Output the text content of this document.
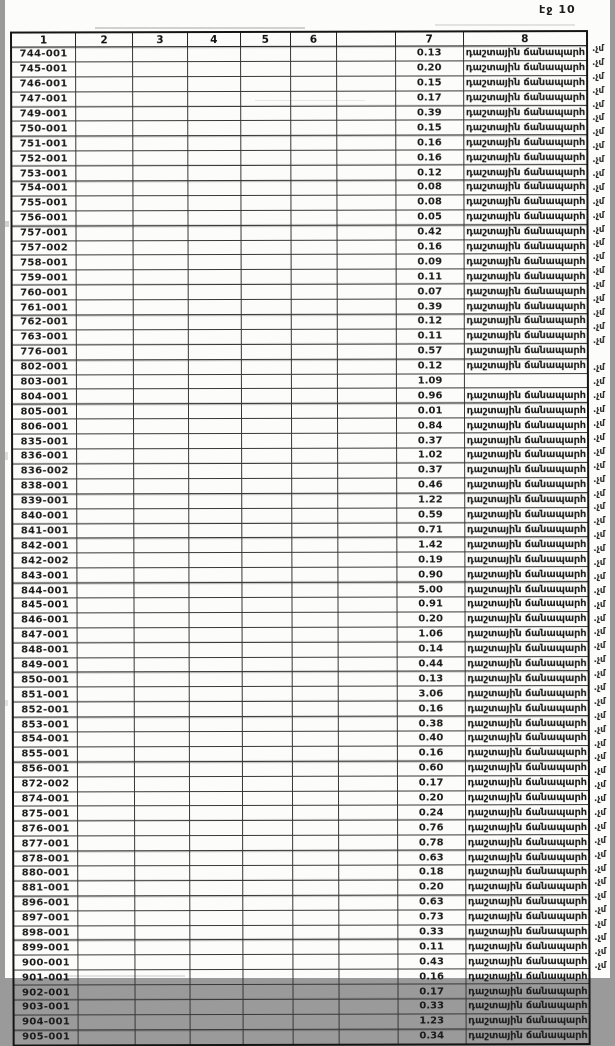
էջ 10
1	2	3	4	5	6		7	8
744-001							0.13	դաշտային ճանապարհ
745-001							0.20	դաշտային ճանապարհ
746-001							0.15	դաշտային ճանապարհ
747-001							0.17	դաշտային ճանապարհ
749-001							0.39	դաշտային ճանապարհ
750-001							0.15	դաշտային ճանապարհ
751-001							0.16	դաշտային ճանապարհ
752-001							0.16	դաշտային ճանապարհ
753-001							0.12	դաշտային ճանապարհ
754-001							0.08	դաշտային ճանապարհ
755-001							0.08	դաշտային ճանապարհ
756-001							0.05	դաշտային ճանապարհ
757-001							0.42	դաշտային ճանապարհ
757-002							0.16	դաշտային ճանապարհ
758-001							0.09	դաշտային ճանապարհ
759-001							0.11	դաշտային ճանապարհ
760-001							0.07	դաշտային ճանապարհ
761-001							0.39	դաշտային ճանապարհ
762-001							0.12	դաշտային ճանապարհ
763-001							0.11	դաշտային ճանապարհ
776-001							0.57	դաշտային ճանապարհ
802-001							0.12	դաշտային ճանապարհ
803-001							1.09	
804-001							0.96	դաշտային ճանապարհ
805-001							0.01	դաշտային ճանապարհ
806-001							0.84	դաշտային ճանապարհ
835-001							0.37	դաշտային ճանապարհ
836-001							1.02	դաշտային ճանապարհ
836-002							0.37	դաշտային ճանապարհ
838-001							0.46	դաշտային ճանապարհ
839-001							1.22	դաշտային ճանապարհ
840-001							0.59	դաշտային ճանապարհ
841-001							0.71	դաշտային ճանապարհ
842-001							1.42	դաշտային ճանապարհ
842-002							0.19	դաշտային ճանապարհ
843-001							0.90	դաշտային ճանապարհ
844-001							5.00	դաշտային ճանապարհ
845-001							0.91	դաշտային ճանապարհ
846-001							0.20	դաշտային ճանապարհ
847-001							1.06	դաշտային ճանապարհ
848-001							0.14	դաշտային ճանապարհ
849-001							0.44	դաշտային ճանապարհ
850-001							0.13	դաշտային ճանապարհ
851-001							3.06	դաշտային ճանապարհ
852-001							0.16	դաշտային ճանապարհ
853-001							0.38	դաշտային ճանապարհ
854-001							0.40	դաշտային ճանապարհ
855-001							0.16	դաշտային ճանապարհ
856-001							0.60	դաշտային ճանապարհ
872-002							0.17	դաշտային ճանապարհ
874-001							0.20	դաշտային ճանապարհ
875-001							0.24	դաշտային ճանապարհ
876-001							0.76	դաշտային ճանապարհ
877-001							0.78	դաշտային ճանապարհ
878-001							0.63	դաշտային ճանապարհ
880-001							0.18	դաշտային ճանապարհ
881-001							0.20	դաշտային ճանապարհ
896-001							0.63	դաշտային ճանապարհ
897-001							0.73	դաշտային ճանապարհ
898-001							0.33	դաշտային ճանապարհ
899-001							0.11	դաշտային ճանապարհ
900-001							0.43	դաշտային ճանապարհ
901-001							0.16	դաշտային ճանապարհ
902-001							0.17	դաշտային ճանապարհ
903-001							0.33	դաշտային ճանապարհ
904-001							1.23	դաշտային ճանապարհ
905-001							0.34	դաշտային ճանապարհ
.չմ
.չմ
.չմ
.չմ
.չմ
.չմ
.չմ
.չմ
.չմ
.չմ
.չմ
.չմ
.չմ
.չմ
.չմ
.չմ
.չմ
.չմ
.չմ
.չմ
.չմ
.չմ
.չմ
.չմ
.չմ
.չմ
.չմ
.չմ
.չմ
.չմ
.չմ
.չմ
.չմ
.չմ
.չմ
.չմ
.չմ
.չմ
.չմ
.չմ
.չմ
.չմ
.չմ
.չմ
.չմ
.չմ
.չմ
.չմ
.չմ
.չմ
.չմ
.չմ
.չմ
.չմ
.չմ
.չմ
.չմ
.չմ
.չմ
.չմ
.չմ
.չմ
.չմ
.չմ
.չմ
.չմ
